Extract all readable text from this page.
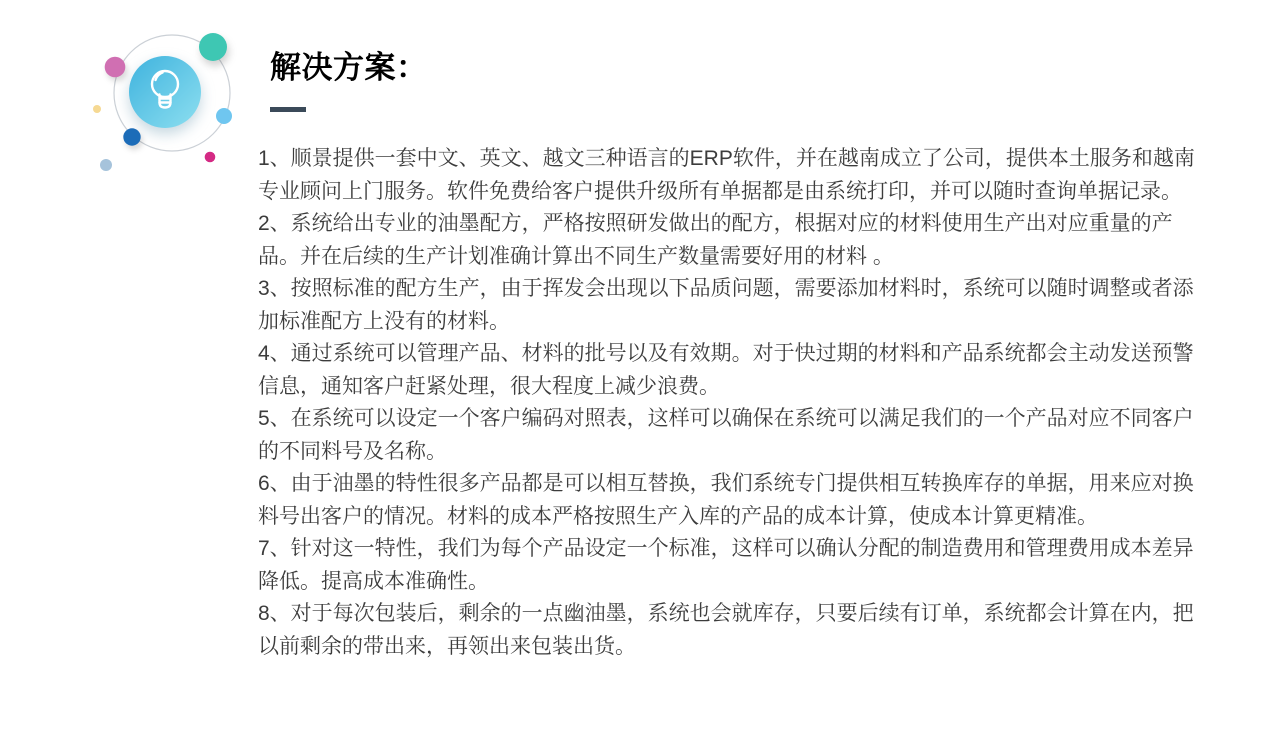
解决方案：

1、顺景提供一套中文、英文、越文三种语言的ERP软件，并在越南成立了公司，提供本土服务和越南专业顾问上门服务。软件免费给客户提供升级所有单据都是由系统打印，并可以随时查询单据记录。

2、系统给出专业的油墨配方，严格按照研发做出的配方，根据对应的材料使用生产出对应重量的产品。并在后续的生产计划准确计算出不同生产数量需要好用的材料 。

3、按照标准的配方生产，由于挥发会出现以下品质问题，需要添加材料时，系统可以随时调整或者添加标准配方上没有的材料。

4、通过系统可以管理产品、材料的批号以及有效期。对于快过期的材料和产品系统都会主动发送预警信息，通知客户赶紧处理，很大程度上减少浪费。

5、在系统可以设定一个客户编码对照表，这样可以确保在系统可以满足我们的一个产品对应不同客户的不同料号及名称。

6、由于油墨的特性很多产品都是可以相互替换，我们系统专门提供相互转换库存的单据，用来应对换料号出客户的情况。材料的成本严格按照生产入库的产品的成本计算，使成本计算更精准。

7、针对这一特性，我们为每个产品设定一个标准，这样可以确认分配的制造费用和管理费用成本差异降低。提高成本准确性。

8、对于每次包装后，剩余的一点幽油墨，系统也会就库存，只要后续有订单，系统都会计算在内，把以前剩余的带出来，再领出来包装出货。
